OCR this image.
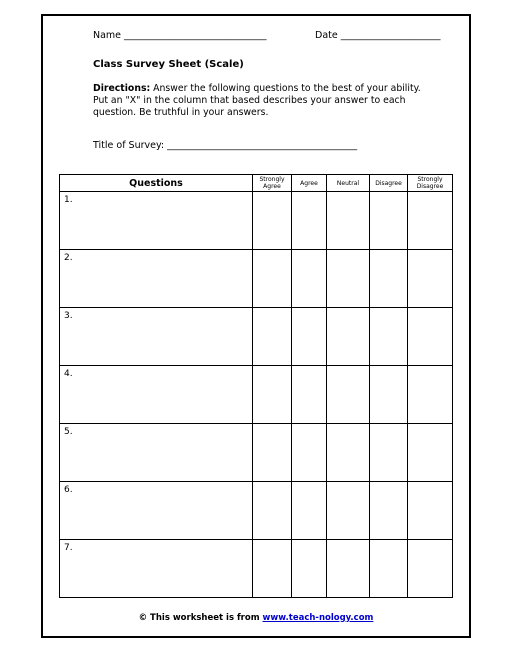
Name ______________________________	Date _____________________
Class Survey Sheet (Scale)
Directions: Answer the following questions to the best of your ability. Put an "X" in the column that based describes your answer to each question. Be truthful in your answers.
Title of Survey: ________________________________________
Questions	Strongly Agree	Agree	Neutral	Disagree	Strongly Disagree
1.					
2.					
3.					
4.					
5.					
6.					
7.					
© This worksheet is from www.teach-nology.com
